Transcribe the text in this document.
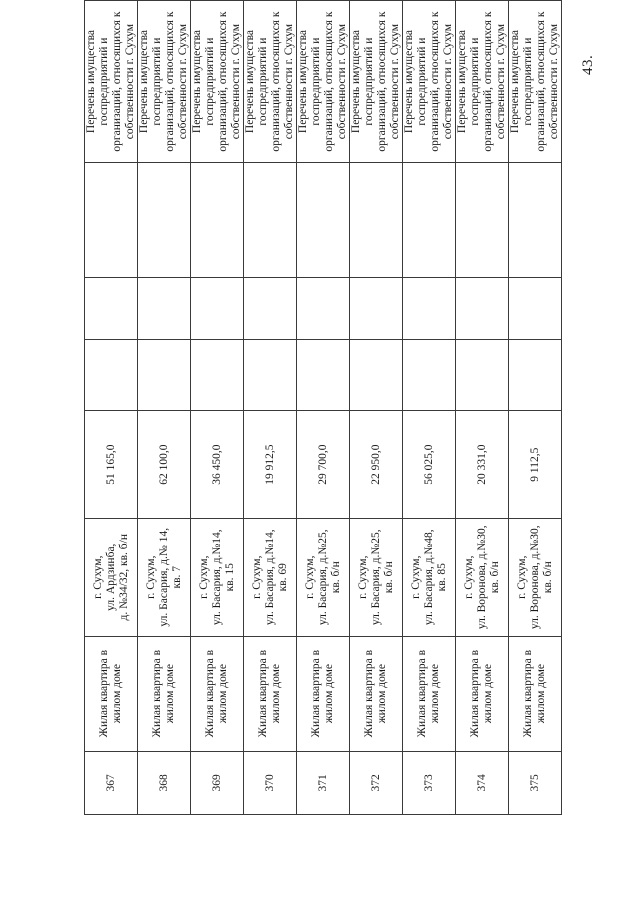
43.
367	Жилая квартира в
жилом доме	г. Сухум,
ул. Ардзинба,
д. №34/32, кв. б/н	51 165,0				Перечень имущества
госпредприятий и
организаций, относящихся к
собственности г. Сухум
368	Жилая квартира в
жилом доме	г. Сухум,
ул. Басария, д.№ 14,
кв. 7	62 100,0				Перечень имущества
госпредприятий и
организаций, относящихся к
собственности г. Сухум
369	Жилая квартира в
жилом доме	г. Сухум,
ул. Басария, д.№14,
кв. 15	36 450,0				Перечень имущества
госпредприятий и
организаций, относящихся к
собственности г. Сухум
370	Жилая квартира в
жилом доме	г. Сухум,
ул. Басария, д.№14,
кв. 69	19 912,5				Перечень имущества
госпредприятий и
организаций, относящихся к
собственности г. Сухум
371	Жилая квартира в
жилом доме	г. Сухум,
ул. Басария, д.№25,
кв. б/н	29 700,0				Перечень имущества
госпредприятий и
организаций, относящихся к
собственности г. Сухум
372	Жилая квартира в
жилом доме	г. Сухум,
ул. Басария, д.№25,
кв. б/н	22 950,0				Перечень имущества
госпредприятий и
организаций, относящихся к
собственности г. Сухум
373	Жилая квартира в
жилом доме	г. Сухум,
ул. Басария, д.№48,
кв. 85	56 025,0				Перечень имущества
госпредприятий и
организаций, относящихся к
собственности г. Сухум
374	Жилая квартира в
жилом доме	г. Сухум,
ул. Воронова, д.№30,
кв. б/н	20 331,0				Перечень имущества
госпредприятий и
организаций, относящихся к
собственности г. Сухум
375	Жилая квартира в
жилом доме	г. Сухум,
ул. Воронова, д.№30,
кв. б/н	9 112,5				Перечень имущества
госпредприятий и
организаций, относящихся к
собственности г. Сухум
